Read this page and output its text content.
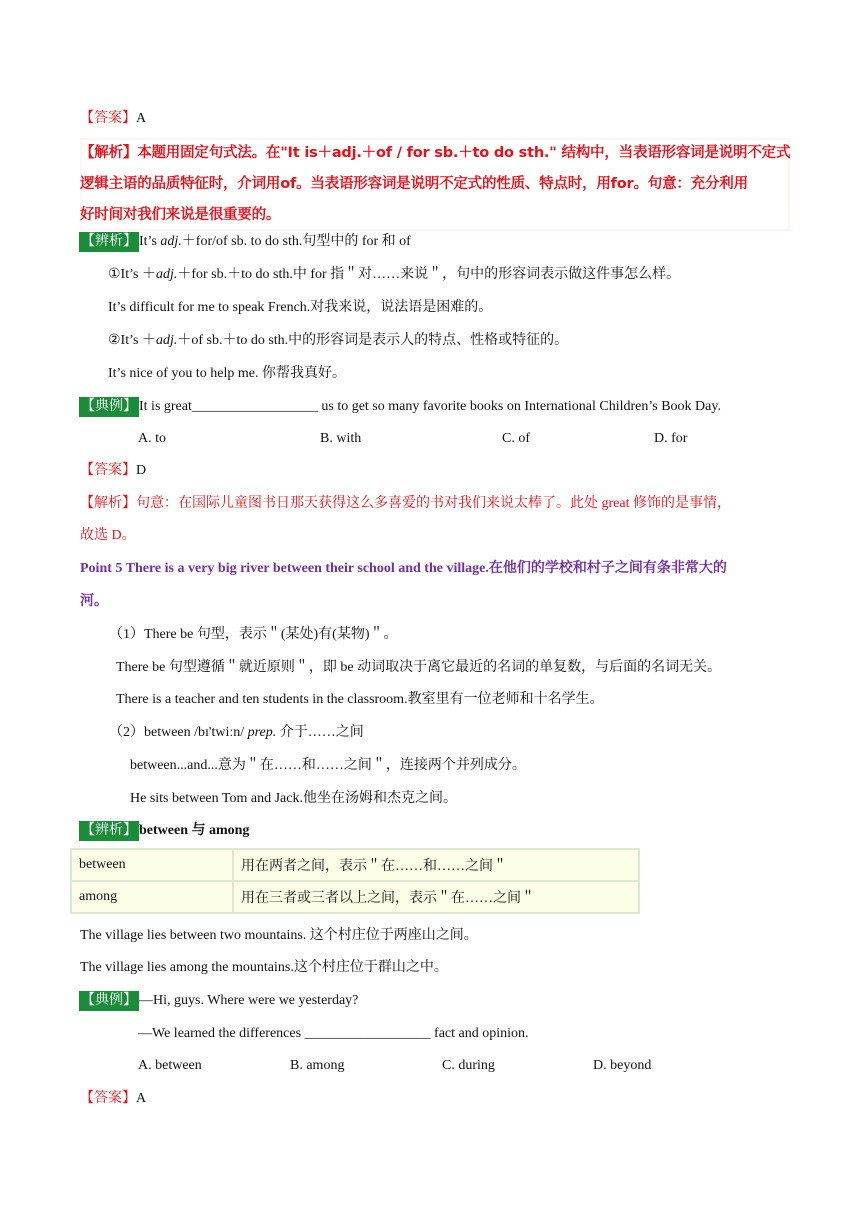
【答案】A
【解析】本题用固定句式法。在"It is＋adj.＋of / for sb.＋to do sth." 结构中，当表语形容词是说明不定式
逻辑主语的品质特征时，介词用of。当表语形容词是说明不定式的性质、特点时，用for。句意：充分利用
好时间对我们来说是很重要的。
【辨析】 It’s adj.＋for/of sb. to do sth.句型中的 for 和 of
①It’s ＋adj.＋for sb.＋to do sth.中 for 指＂对……来说＂，句中的形容词表示做这件事怎么样。
It’s difficult for me to speak French.对我来说，说法语是困难的。
②It’s ＋adj.＋of sb.＋to do sth.中的形容词是表示人的特点、性格或特征的。
It’s nice of you to help me. 你帮我真好。
【典例】 It is great__________________ us to get so many favorite books on International Children’s Book Day.
A. to	B. with	C. of	D. for
【答案】D
【解析】句意：在国际儿童图书日那天获得这么多喜爱的书对我们来说太棒了。此处 great 修饰的是事情，
故选 D。
Point 5 There is a very big river between their school and the village.在他们的学校和村子之间有条非常大的
河。
（1）There be 句型，表示＂(某处)有(某物)＂。
There be 句型遵循＂就近原则＂，即 be 动词取决于离它最近的名词的单复数，与后面的名词无关。
There is a teacher and ten students in the classroom.教室里有一位老师和十名学生。
（2）between /bɪ'twiːn/ prep. 介于……之间
between...and...意为＂在……和……之间＂，连接两个并列成分。
He sits between Tom and Jack.他坐在汤姆和杰克之间。
【辨析】 between 与 among
between	用在两者之间，表示＂在……和……之间＂
among	用在三者或三者以上之间，表示＂在……之间＂
The village lies between two mountains. 这个村庄位于两座山之间。
The village lies among the mountains.这个村庄位于群山之中。
【典例】 —Hi, guys. Where were we yesterday?
—We learned the differences __________________ fact and opinion.
A. between	B. among	C. during	D. beyond
【答案】A
